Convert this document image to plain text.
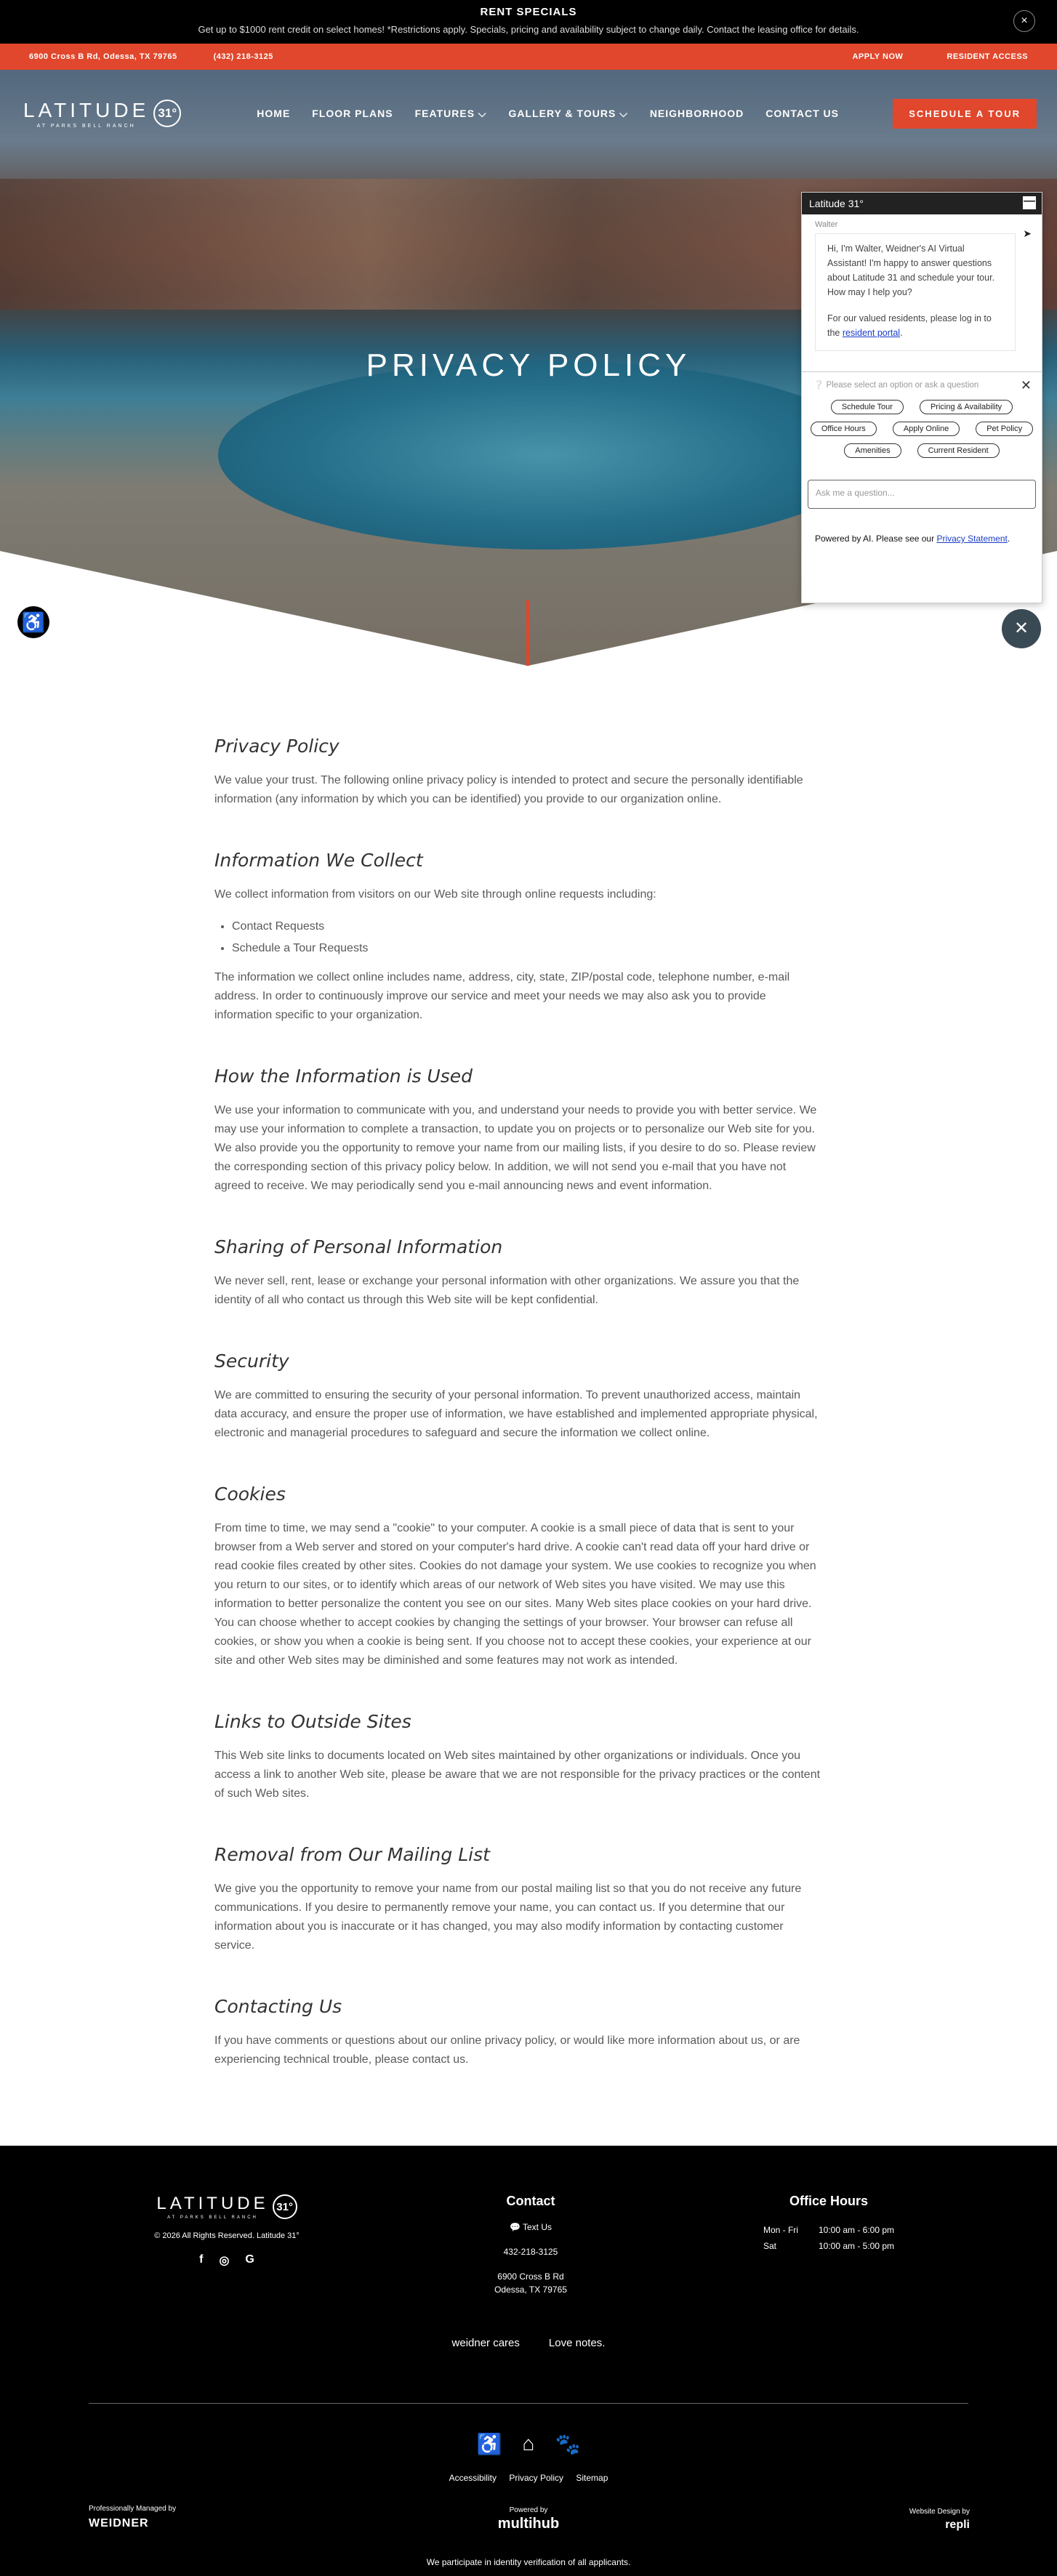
RENT SPECIALS
Get up to $1000 rent credit on select homes! *Restrictions apply. Specials, pricing and availability subject to change daily. Contact the leasing office for details.
×
6900 Cross B Rd, Odessa, TX 79765	(432) 218-3125	APPLY NOW	RESIDENT ACCESS
PRIVACY POLICY
LATITUDE
AT PARKS BELL RANCH
31°	HOME FLOOR PLANS FEATURES ⌵ GALLERY & TOURS ⌵ NEIGHBORHOOD CONTACT US	SCHEDULE A TOUR
♿
Latitude 31°	—
Walter
Hi, I'm Walter, Weidner's AI Virtual Assistant! I'm happy to answer questions about Latitude 31 and schedule your tour. How may I help you?
For our valued residents, please log in to the resident portal.
❔ Please select an option or ask a question	✕
Schedule Tour	Pricing & Availability
Office Hours	Apply Online	Pet Policy
Amenities	Current Resident
Ask me a question...
➤
Powered by AI. Please see our Privacy Statement.
✕
Privacy Policy

We value your trust. The following online privacy policy is intended to protect and secure the personally identifiable information (any information by which you can be identified) you provide to our organization online.

Information We Collect

We collect information from visitors on our Web site through online requests including:

• Contact Requests
• Schedule a Tour Requests

The information we collect online includes name, address, city, state, ZIP/postal code, telephone number, e-mail address. In order to continuously improve our service and meet your needs we may also ask you to provide information specific to your organization.

How the Information is Used

We use your information to communicate with you, and understand your needs to provide you with better service. We may use your information to complete a transaction, to update you on projects or to personalize our Web site for you. We also provide you the opportunity to remove your name from our mailing lists, if you desire to do so. Please review the corresponding section of this privacy policy below. In addition, we will not send you e-mail that you have not agreed to receive. We may periodically send you e-mail announcing news and event information.

Sharing of Personal Information

We never sell, rent, lease or exchange your personal information with other organizations. We assure you that the identity of all who contact us through this Web site will be kept confidential.

Security

We are committed to ensuring the security of your personal information. To prevent unauthorized access, maintain data accuracy, and ensure the proper use of information, we have established and implemented appropriate physical, electronic and managerial procedures to safeguard and secure the information we collect online.

Cookies

From time to time, we may send a "cookie" to your computer. A cookie is a small piece of data that is sent to your browser from a Web server and stored on your computer's hard drive. A cookie can't read data off your hard drive or read cookie files created by other sites. Cookies do not damage your system. We use cookies to recognize you when you return to our sites, or to identify which areas of our network of Web sites you have visited. We may use this information to better personalize the content you see on our sites. Many Web sites place cookies on your hard drive. You can choose whether to accept cookies by changing the settings of your browser. Your browser can refuse all cookies, or show you when a cookie is being sent. If you choose not to accept these cookies, your experience at our site and other Web sites may be diminished and some features may not work as intended.

Links to Outside Sites

This Web site links to documents located on Web sites maintained by other organizations or individuals. Once you access a link to another Web site, please be aware that we are not responsible for the privacy practices or the content of such Web sites.

Removal from Our Mailing List

We give you the opportunity to remove your name from our postal mailing list so that you do not receive any future communications. If you desire to permanently remove your name, you can contact us. If you determine that our information about you is inaccurate or it has changed, you may also modify information by contacting customer service.

Contacting Us

If you have comments or questions about our online privacy policy, or would like more information about us, or are experiencing technical trouble, please contact us.

LATITUDE
AT PARKS BELL RANCH
31°
© 2026 All Rights Reserved. Latitude 31°
f ◎ G
Contact
💬 Text Us
432-218-3125
6900 Cross B Rd
Odessa, TX 79765
Office Hours
Mon - Fri	10:00 am - 6:00 pm
Sat	10:00 am - 5:00 pm
weidner cares	Love notes.
♿ ⌂ 🐾
Accessibility Privacy Policy Sitemap
Professionally Managed by
WEIDNER
Powered by
multihub
Website Design by
repli
We participate in identity verification of all applicants.
